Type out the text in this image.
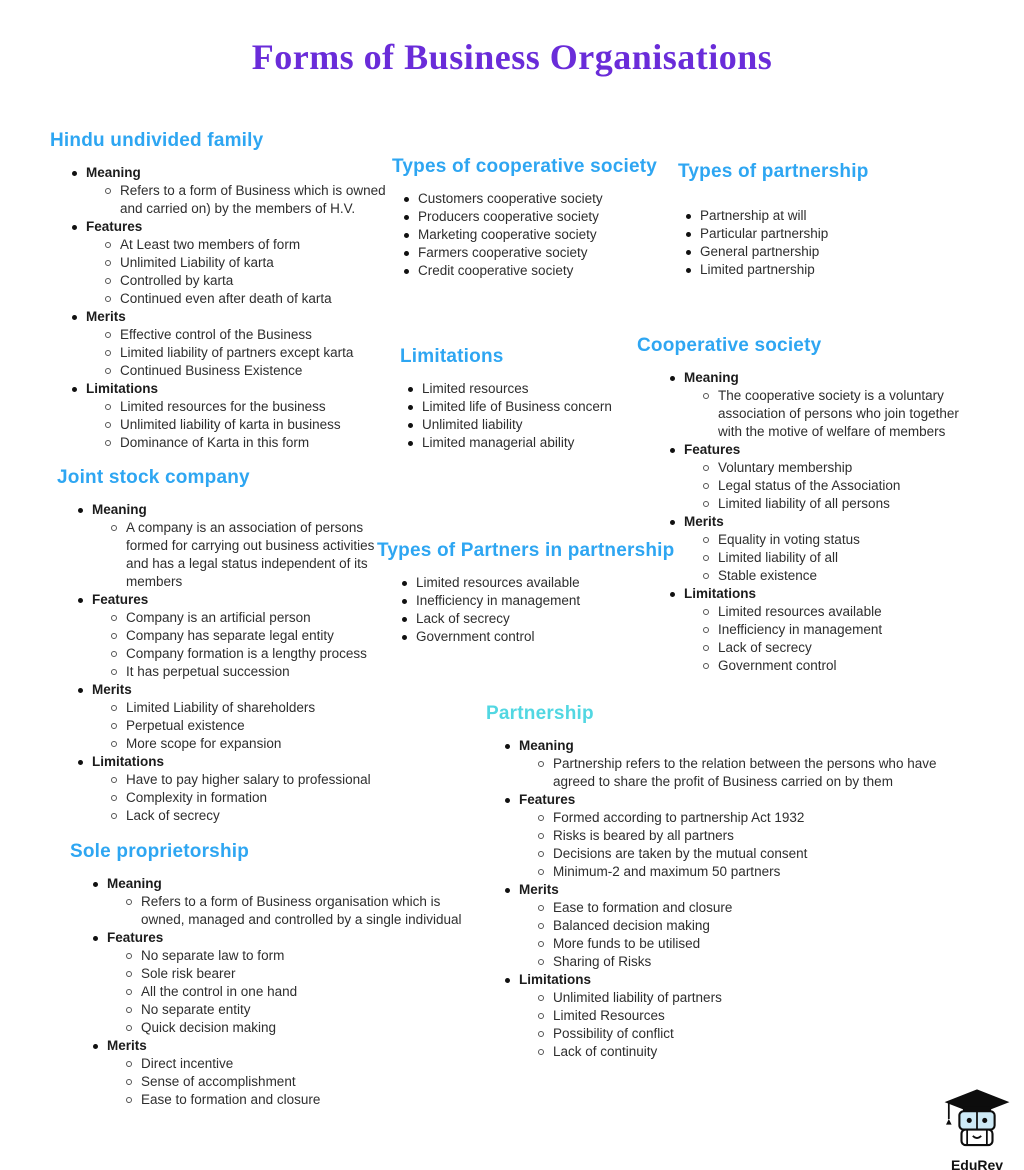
Forms of Business Organisations
Hindu undivided family
Meaning
Refers to a form of Business which is owned and carried on) by the members of H.V.
Features
At Least two members of form
Unlimited Liability of karta
Controlled by karta
Continued even after death of karta
Merits
Effective control of the Business
Limited liability of partners except karta
Continued Business Existence
Limitations
Limited resources for the business
Unlimited liability of karta in business
Dominance of Karta in this form
Joint stock company
Meaning
A company is an association of persons formed for carrying out business activities and has a legal status independent of its members
Features
Company is an artificial person
Company has separate legal entity
Company formation is a lengthy process
It has perpetual succession
Merits
Limited Liability of shareholders
Perpetual existence
More scope for expansion
Limitations
Have to pay higher salary to professional
Complexity in formation
Lack of secrecy
Sole proprietorship
Meaning
Refers to a form of Business organisation which is owned, managed and controlled by a single individual
Features
No separate law to form
Sole risk bearer
All the control in one hand
No separate entity
Quick decision making
Merits
Direct incentive
Sense of accomplishment
Ease to formation and closure
Types of cooperative society
Customers cooperative society
Producers cooperative society
Marketing cooperative society
Farmers cooperative society
Credit cooperative society
Limitations
Limited resources
Limited life of Business concern
Unlimited liability
Limited managerial ability
Types of Partners in partnership
Limited resources available
Inefficiency in management
Lack of secrecy
Government control
Partnership
Meaning
Partnership refers to the relation between the persons who have agreed to share the profit of Business carried on by them
Features
Formed according to partnership Act 1932
Risks is beared by all partners
Decisions are taken by the mutual consent
Minimum-2 and maximum 50 partners
Merits
Ease to formation and closure
Balanced decision making
More funds to be utilised
Sharing of Risks
Limitations
Unlimited liability of partners
Limited Resources
Possibility of conflict
Lack of continuity
Types of partnership
Partnership at will
Particular partnership
General partnership
Limited partnership
Cooperative society
Meaning
The cooperative society is a voluntary association of persons who join together with the motive of welfare of members
Features
Voluntary membership
Legal status of the Association
Limited liability of all persons
Merits
Equality in voting status
Limited liability of all
Stable existence
Limitations
Limited resources available
Inefficiency in management
Lack of secrecy
Government control
EduRev
